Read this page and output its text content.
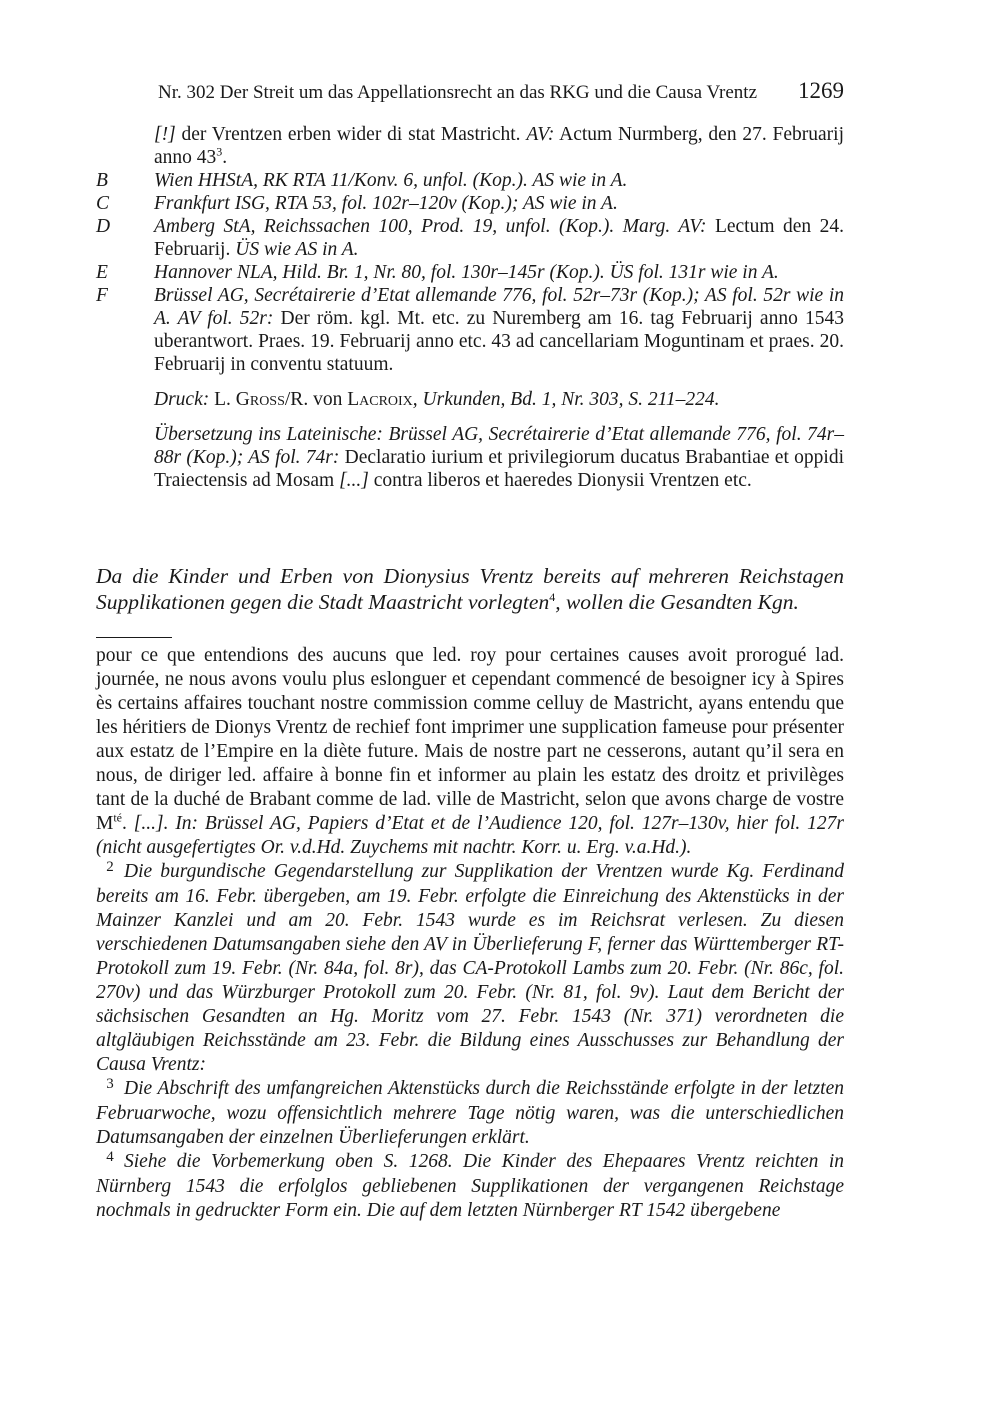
Nr. 302 Der Streit um das Appellationsrecht an das RKG und die Causa Vrentz 1269
[!] der Vrentzen erben wider di stat Mastricht. AV: Actum Nurmberg, den 27. Februarij anno $43^3$.
B Wien HHStA, RK RTA 11/Konv. 6, unfol. (Kop.). AS wie in A.
C Frankfurt ISG, RTA 53, fol. 102r–120v (Kop.); AS wie in A.
D Amberg StA, Reichssachen 100, Prod. 19, unfol. (Kop.). Marg. AV: Lectum den 24. Februarij. ÜS wie AS in A.
E Hannover NLA, Hild. Br. 1, Nr. 80, fol. 130r–145r (Kop.). ÜS fol. 131r wie in A.
F Brüssel AG, Secrétairerie d’Etat allemande 776, fol. 52r–73r (Kop.); AS fol. 52r wie in A. AV fol. 52r: Der röm. kgl. Mt. etc. zu Nuremberg am 16. tag Februarij anno 1543 uberantwort. Praes. 19. Februarij anno etc. 43 ad cancellariam Moguntinam et praes. 20. Februarij in conventu statuum.
Druck: L. Groß/R. von Lacroix, Urkunden, Bd. 1, Nr. 303, S. 211–224.
Übersetzung ins Lateinische: Brüssel AG, Secrétairerie d’Etat allemande 776, fol. 74r–88r (Kop.); AS fol. 74r: Declaratio iurium et privilegiorum ducatus Brabantiae et oppidi Traiectensis ad Mosam [...] contra liberos et haeredes Dionysii Vrentzen etc.
Da die Kinder und Erben von Dionysius Vrentz bereits auf mehreren Reichstagen Supplikationen gegen die Stadt Maastricht vorlegten$^4$, wollen die Gesandten Kgn.

pour ce que entendions des aucuns que led. roy pour certaines causes avoit prorogué lad. journée, ne nous avons voulu plus eslonguer et cependant commencé de besoigner icy à Spires ès certains affaires touchant nostre commission comme celluy de Mastricht, ayans entendu que les héritiers de Dionys Vrentz de rechief font imprimer une supplication fameuse pour présenter aux estatz de l’Empire en la diète future. Mais de nostre part ne cesserons, autant qu’il sera en nous, de diriger led. affaire à bonne fin et informer au plain les estatz des droitz et privilèges tant de la duché de Brabant comme de lad. ville de Mastricht, selon que avons charge de vostre $M^{té}$. [...]. In: Brüssel AG, Papiers d’Etat et de l’Audience 120, fol. 127r–130v, hier fol. 127r (nicht ausgefertigtes Or. v.d.Hd. Zuychems mit nachtr. Korr. u. Erg. v.a.Hd.).

2 Die burgundische Gegendarstellung zur Supplikation der Vrentzen wurde Kg. Ferdinand bereits am 16. Febr. übergeben, am 19. Febr. erfolgte die Einreichung des Aktenstücks in der Mainzer Kanzlei und am 20. Febr. 1543 wurde es im Reichsrat verlesen. Zu diesen verschiedenen Datumsangaben siehe den AV in Überlieferung F, ferner das Württemberger RT-Protokoll zum 19. Febr. (Nr. 84a, fol. 8r), das CA-Protokoll Lambs zum 20. Febr. (Nr. 86c, fol. 270v) und das Würzburger Protokoll zum 20. Febr. (Nr. 81, fol. 9v). Laut dem Bericht der sächsischen Gesandten an Hg. Moritz vom 27. Febr. 1543 (Nr. 371) verordneten die altgläubigen Reichsstände am 23. Febr. die Bildung eines Ausschusses zur Behandlung der Causa Vrentz:

3 Die Abschrift des umfangreichen Aktenstücks durch die Reichsstände erfolgte in der letzten Februarwoche, wozu offensichtlich mehrere Tage nötig waren, was die unterschiedlichen Datumsangaben der einzelnen Überlieferungen erklärt.

4 Siehe die Vorbemerkung oben S. 1268. Die Kinder des Ehepaares Vrentz reichten in Nürnberg 1543 die erfolglos gebliebenen Supplikationen der vergangenen Reichstage nochmals in gedruckter Form ein. Die auf dem letzten Nürnberger RT 1542 übergebene
